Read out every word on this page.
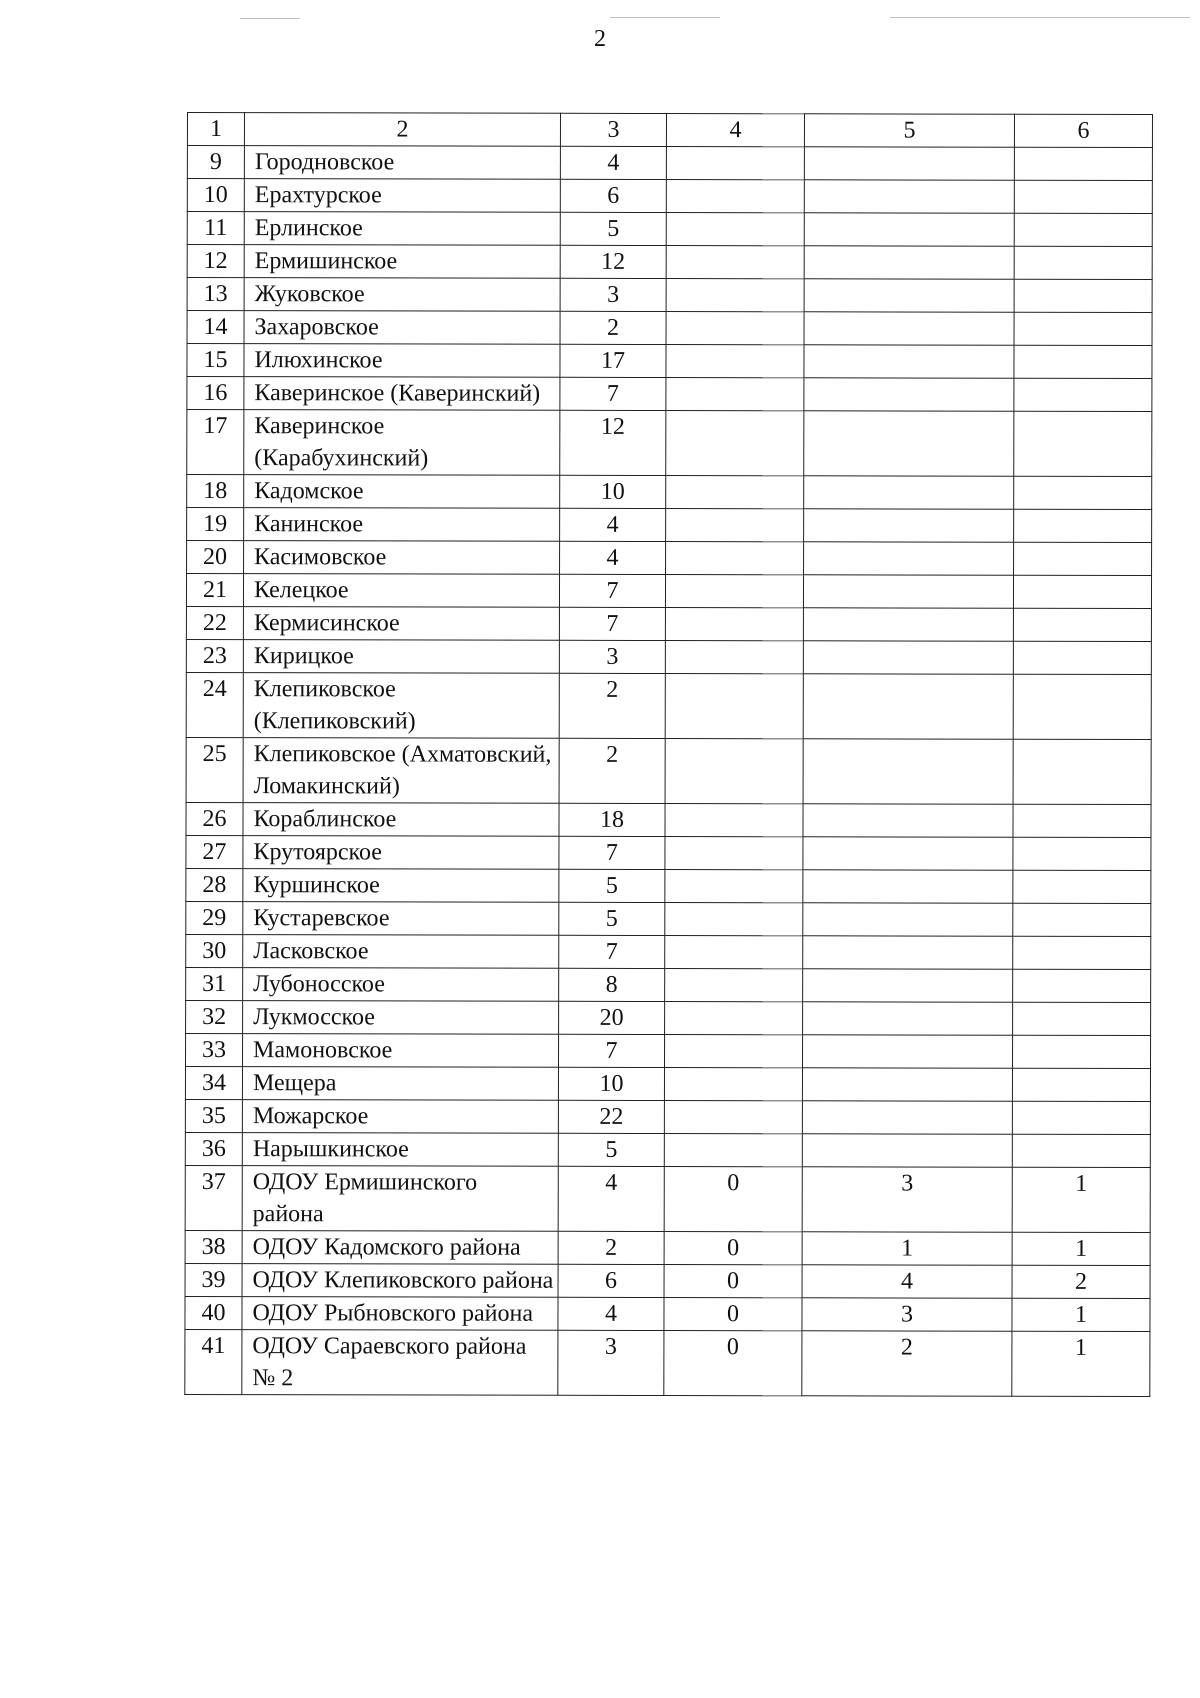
2
1	2	3	4	5	6
9	Городновское	4			
10	Ерахтурское	6			
11	Ерлинское	5			
12	Ермишинское	12			
13	Жуковское	3			
14	Захаровское	2			
15	Илюхинское	17			
16	Каверинское (Каверинский)	7			
17	Каверинское (Карабухинский)	12			
18	Кадомское	10			
19	Канинское	4			
20	Касимовское	4			
21	Келецкое	7			
22	Кермисинское	7			
23	Кирицкое	3			
24	Клепиковское (Клепиковский)	2			
25	Клепиковское (Ахматовский, Ломакинский)	2			
26	Кораблинское	18			
27	Крутоярское	7			
28	Куршинское	5			
29	Кустаревское	5			
30	Ласковское	7			
31	Лубоносское	8			
32	Лукмосское	20			
33	Мамоновское	7			
34	Мещера	10			
35	Можарское	22			
36	Нарышкинское	5			
37	ОДОУ Ермишинского района	4	0	3	1
38	ОДОУ Кадомского района	2	0	1	1
39	ОДОУ Клепиковского района	6	0	4	2
40	ОДОУ Рыбновского района	4	0	3	1
41	ОДОУ Сараевского района № 2	3	0	2	1
